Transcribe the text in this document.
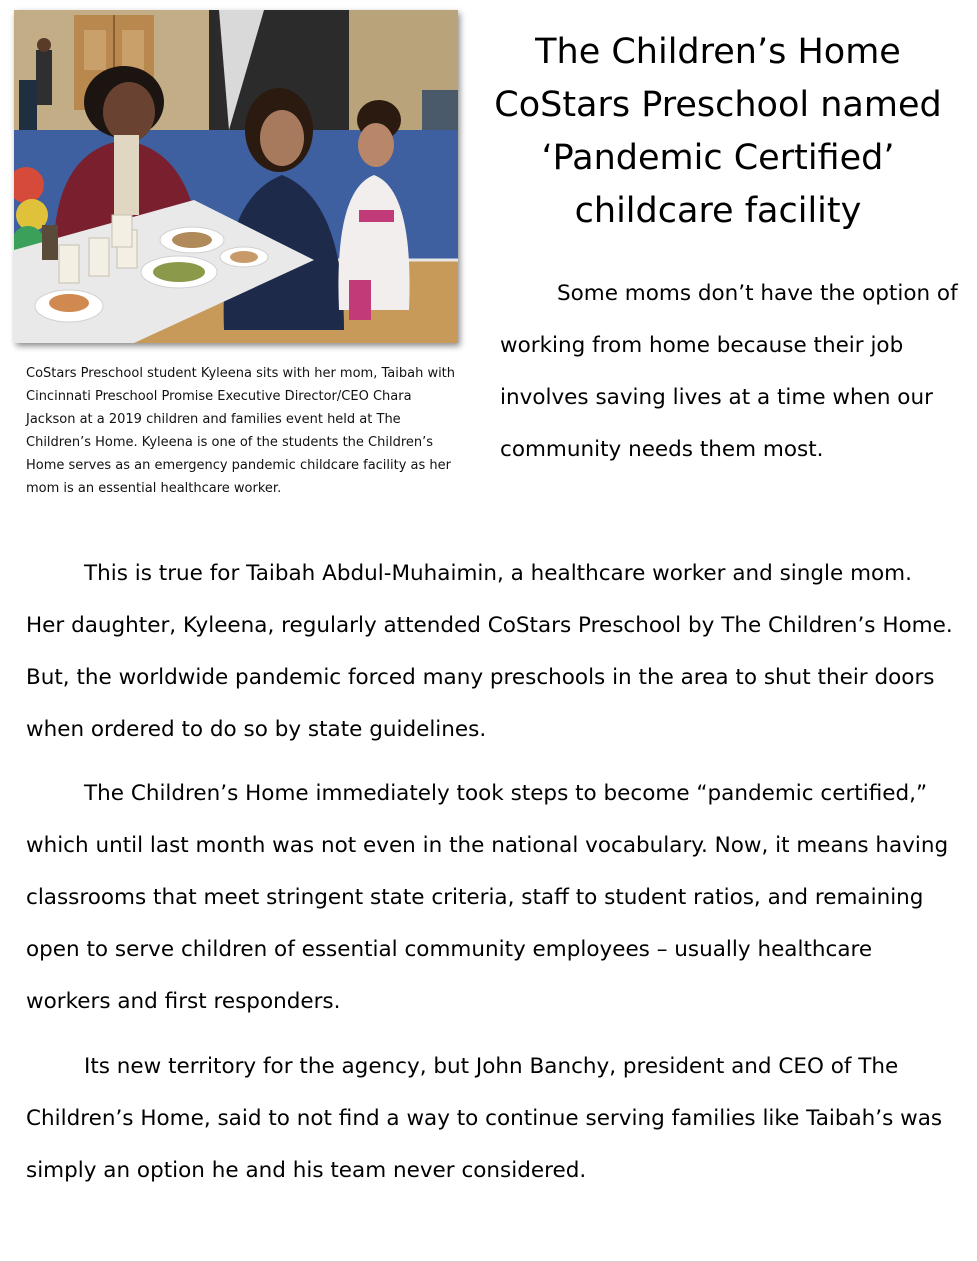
CoStars Preschool student Kyleena sits with her mom, Taibah with Cincinnati Preschool Promise Executive Director/CEO Chara Jackson at a 2019 children and families event held at The Children’s Home. Kyleena is one of the students the Children’s Home serves as an emergency pandemic childcare facility as her mom is an essential healthcare worker.
The Children’s Home
CoStars Preschool named
‘Pandemic Certified’
childcare facility

Some moms don’t have the option of working from home because their job involves saving lives at a time when our community needs them most.

This is true for Taibah Abdul-Muhaimin, a healthcare worker and single mom. Her daughter, Kyleena, regularly attended CoStars Preschool by The Children’s Home. But, the worldwide pandemic forced many preschools in the area to shut their doors when ordered to do so by state guidelines.

The Children’s Home immediately took steps to become “pandemic certified,” which until last month was not even in the national vocabulary. Now, it means having classrooms that meet stringent state criteria, staff to student ratios, and remaining open to serve children of essential community employees – usually healthcare workers and first responders.

Its new territory for the agency, but John Banchy, president and CEO of The Children’s Home, said to not find a way to continue serving families like Taibah’s was simply an option he and his team never considered.
